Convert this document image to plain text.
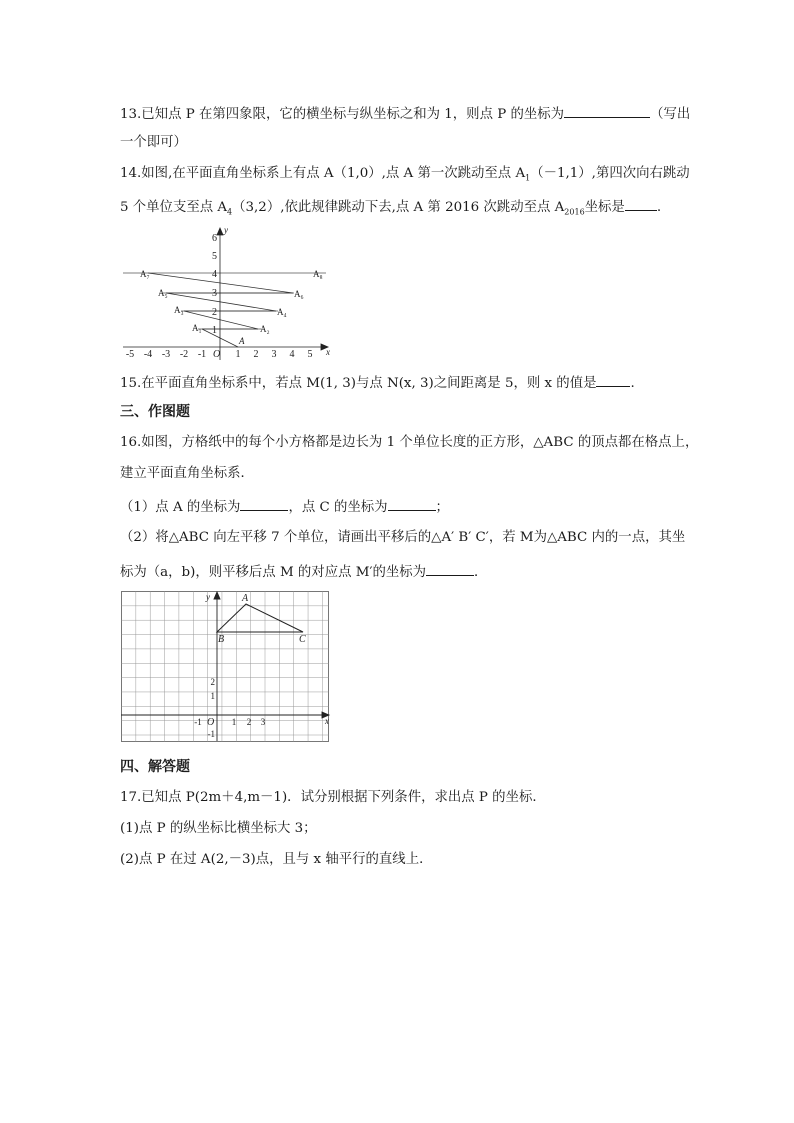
13.已知点 P 在第四象限，它的横坐标与纵坐标之和为 1，则点 P 的坐标为	（写出
一个即可）
14.如图,在平面直角坐标系上有点 A（1,0）,点 A 第一次跳动至点 $A_1(-1,1)$,第四次向右跳动
5 个单位支至点 $A_4(3,2)$,依此规律跳动下去,点 A 第 2016 次跳动至点 $A_{2016}$坐标是 .
-5 -4 -3 -2 -1	1 2 3 4 5
1
2
3
4
5
6
x
y
O
A
A₁	A₂
A₃	A₄
A₅	A₆
A₇	A₈
15.在平面直角坐标系中，若点 M(1, 3)与点 N(x, 3)之间距离是 5，则 x 的值是	.
三、作图题
16.如图，方格纸中的每个小方格都是边长为 1 个单位长度的正方形，△ABC 的顶点都在格点上，
建立平面直角坐标系．
（1）点 A 的坐标为	，点 C 的坐标为	；
（2）将△ABC 向左平移 7 个单位，请画出平移后的△A′ B′ C′，若 M为△ABC 内的一点，其坐
标为（a，b)，则平移后点 M 的对应点 M′的坐标为	．
A
B	C
x
y
O
-1	1 2 3
-1
1
2
四、解答题
17.已知点 P(2m＋4,m－1)．试分别根据下列条件，求出点 P 的坐标．
(1)点 P 的纵坐标比横坐标大 3；
(2)点 P 在过 A(2,－3)点，且与 x 轴平行的直线上．
